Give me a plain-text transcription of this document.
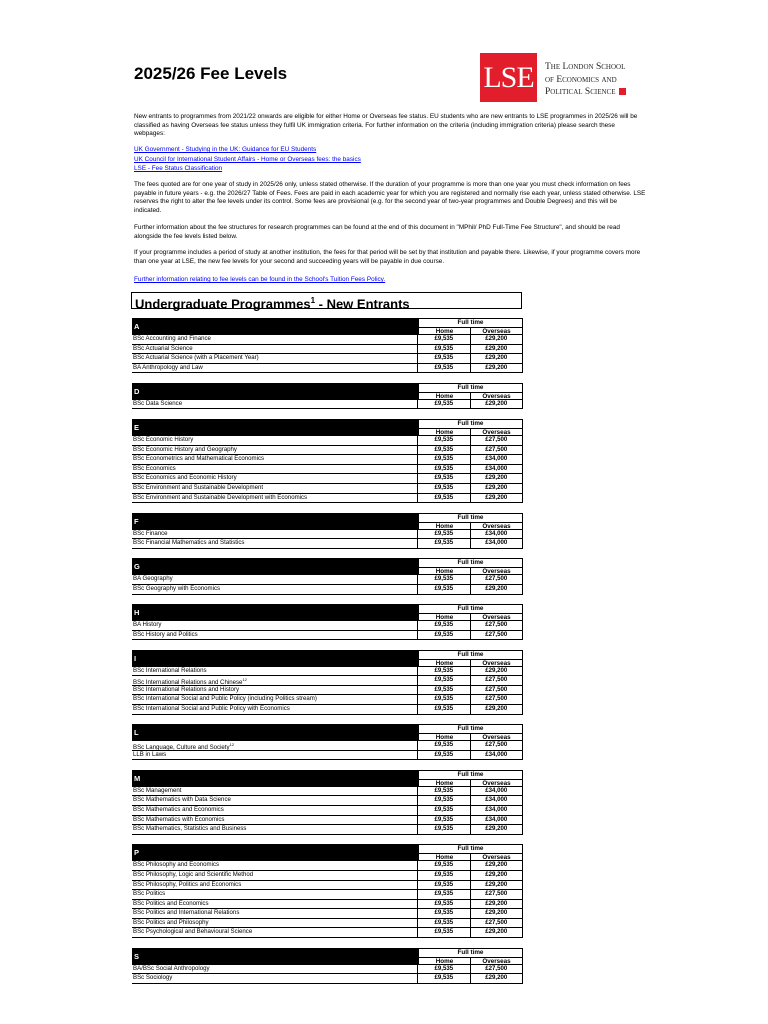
2025/26 Fee Levels	LSE	The London School
of Economics and
Political Science

New entrants to programmes from 2021/22 onwards are eligible for either Home or Overseas fee status. EU students who are new entrants to LSE programmes in 2025/26 will be classified as having Overseas fee status unless they fulfil UK immigration criteria. For further information on the criteria (including immigration criteria) please search these webpages:

UK Government - Studying in the UK: Guidance for EU Students
UK Council for International Student Affairs - Home or Overseas fees: the basics
LSE - Fee Status Classification

The fees quoted are for one year of study in 2025/26 only, unless stated otherwise. If the duration of your programme is more than one year you must check information on fees payable in future years - e.g. the 2026/27 Table of Fees. Fees are paid in each academic year for which you are registered and normally rise each year, unless stated otherwise. LSE reserves the right to alter the fee levels under its control. Some fees are provisional (e.g. for the second year of two-year programmes and Double Degrees) and this will be indicated.

Further information about the fee structures for research programmes can be found at the end of this document in "MPhil/ PhD Full-Time Fee Structure", and should be read alongside the fee levels listed below.

If your programme includes a period of study at another institution, the fees for that period will be set by that institution and payable there. Likewise, if your programme covers more than one year at LSE, the new fee levels for your second and succeeding years will be payable in due course.

Further information relating to fee levels can be found in the School's Tuition Fees Policy.
Undergraduate Programmes$^1$ - New Entrants
A	Full time
Home	Overseas
BSc Accounting and Finance	£9,535	£29,200
BSc Actuarial Science	£9,535	£29,200
BSc Actuarial Science (with a Placement Year)	£9,535	£29,200
BA Anthropology and Law	£9,535	£29,200
D	Full time
Home	Overseas
BSc Data Science	£9,535	£29,200
E	Full time
Home	Overseas
BSc Economic History	£9,535	£27,500
BSc Economic History and Geography	£9,535	£27,500
BSc Econometrics and Mathematical Economics	£9,535	£34,000
BSc Economics	£9,535	£34,000
BSc Economics and Economic History	£9,535	£29,200
BSc Environment and Sustainable Development	£9,535	£29,200
BSc Environment and Sustainable Development with Economics	£9,535	£29,200
F	Full time
Home	Overseas
BSc Finance	£9,535	£34,000
BSc Financial Mathematics and Statistics	£9,535	£34,000
G	Full time
Home	Overseas
BA Geography	£9,535	£27,500
BSc Geography with Economics	£9,535	£29,200
H	Full time
Home	Overseas
BA History	£9,535	£27,500
BSc History and Politics	£9,535	£27,500
I	Full time
Home	Overseas
BSc International Relations	£9,535	£29,200
BSc International Relations and Chinese$^{12}$	£9,535	£27,500
BSc International Relations and History	£9,535	£27,500
BSc International Social and Public Policy (including Politics stream)	£9,535	£27,500
BSc International Social and Public Policy with Economics	£9,535	£29,200
L	Full time
Home	Overseas
BSc Language, Culture and Society$^{12}$	£9,535	£27,500
LLB in Laws	£9,535	£34,000
M	Full time
Home	Overseas
BSc Management	£9,535	£34,000
BSc Mathematics with Data Science	£9,535	£34,000
BSc Mathematics and Economics	£9,535	£34,000
BSc Mathematics with Economics	£9,535	£34,000
BSc Mathematics, Statistics and Business	£9,535	£29,200
P	Full time
Home	Overseas
BSc Philosophy and Economics	£9,535	£29,200
BSc Philosophy, Logic and Scientific Method	£9,535	£29,200
BSc Philosophy, Politics and Economics	£9,535	£29,200
BSc Politics	£9,535	£27,500
BSc Politics and Economics	£9,535	£29,200
BSc Politics and International Relations	£9,535	£29,200
BSc Politics and Philosophy	£9,535	£27,500
BSc Psychological and Behavioural Science	£9,535	£29,200
S	Full time
Home	Overseas
BA/BSc Social Anthropology	£9,535	£27,500
BSc Sociology	£9,535	£29,200
